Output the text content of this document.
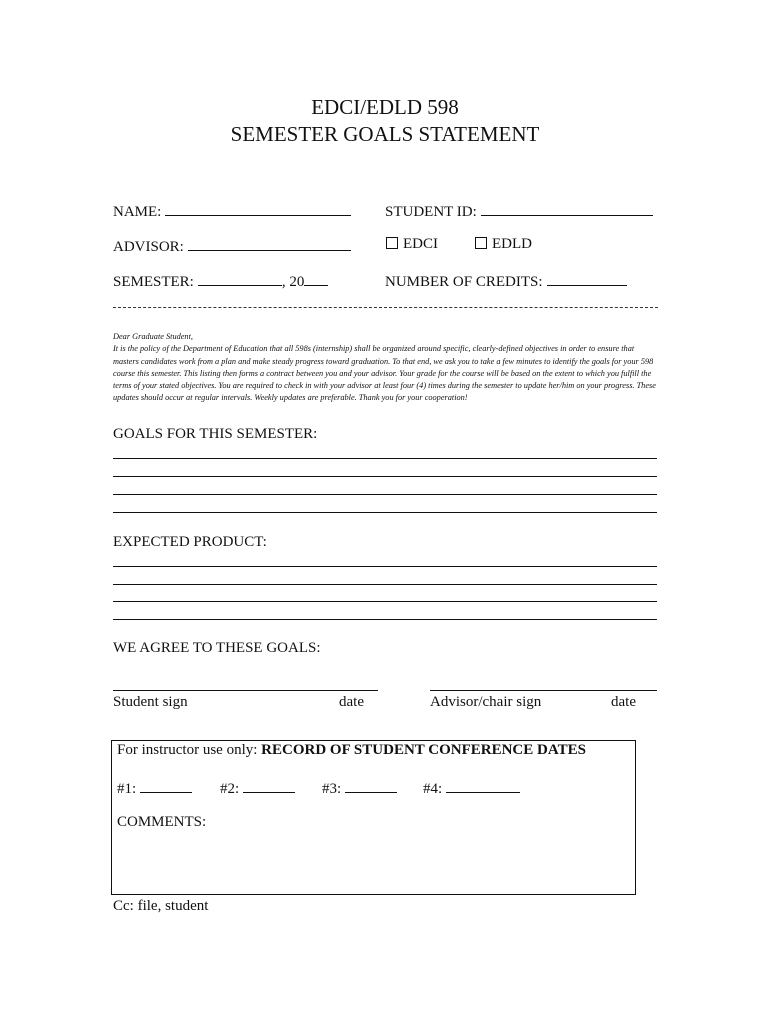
EDCI/EDLD 598
SEMESTER GOALS STATEMENT
NAME:	STUDENT ID:
ADVISOR:	EDCI	EDLD
SEMESTER:	, 20	NUMBER OF CREDITS:

Dear Graduate Student,

It is the policy of the Department of Education that all 598s (internship) shall be organized around specific, clearly-defined objectives in order to ensure that masters candidates work from a plan and make steady progress toward graduation. To that end, we ask you to take a few minutes to identify the goals for your 598 course this semester. This listing then forms a contract between you and your advisor. Your grade for the course will be based on the extent to which you fulfill the terms of your stated objectives. You are required to check in with your advisor at least four (4) times during the semester to update her/him on your progress. These updates should occur at regular intervals. Weekly updates are preferable. Thank you for your cooperation!

GOALS FOR THIS SEMESTER:
EXPECTED PRODUCT:
WE AGREE TO THESE GOALS:
Student sign	date	Advisor/chair sign	date
For instructor use only: RECORD OF STUDENT CONFERENCE DATES
#1:	#2:	#3:	#4:
COMMENTS:
Cc: file, student
